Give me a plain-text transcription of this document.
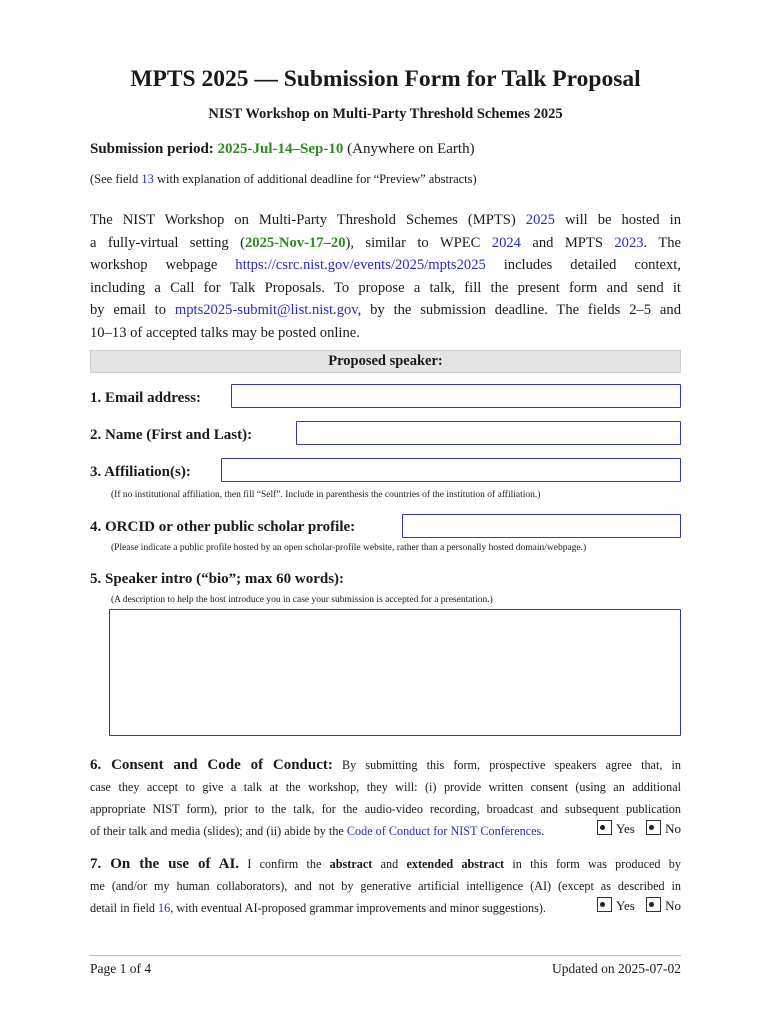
MPTS 2025 — Submission Form for Talk Proposal
NIST Workshop on Multi-Party Threshold Schemes 2025
Submission period: 2025-Jul-14–Sep-10 (Anywhere on Earth)
(See field 13 with explanation of additional deadline for “Preview” abstracts)
The NIST Workshop on Multi-Party Threshold Schemes (MPTS) 2025 will be hosted in
a fully-virtual setting (2025-Nov-17–20), similar to WPEC 2024 and MPTS 2023. The
workshop webpage https://csrc.nist.gov/events/2025/mpts2025 includes detailed context,
including a Call for Talk Proposals. To propose a talk, fill the present form and send it
by email to mpts2025-submit@list.nist.gov, by the submission deadline. The fields 2–5 and
10–13 of accepted talks may be posted online.
Proposed speaker:
1. Email address:
2. Name (First and Last):
3. Affiliation(s):
(If no institutional affiliation, then fill “Self”. Include in parenthesis the countries of the institution of affiliation.)
4. ORCID or other public scholar profile:
(Please indicate a public profile hosted by an open scholar-profile website, rather than a personally hosted domain/webpage.)
5. Speaker intro (“bio”; max 60 words):
(A description to help the host introduce you in case your submission is accepted for a presentation.)
6. Consent and Code of Conduct: By submitting this form, prospective speakers agree that, in
case they accept to give a talk at the workshop, they will: (i) provide written consent (using an additional
appropriate NIST form), prior to the talk, for the audio-video recording, broadcast and subsequent publication
of their talk and media (slides); and (ii) abide by the Code of Conduct for NIST Conferences.	Yes No
7. On the use of AI. I confirm the abstract and extended abstract in this form was produced by
me (and/or my human collaborators), and not by generative artificial intelligence (AI) (except as described in
detail in field 16, with eventual AI-proposed grammar improvements and minor suggestions).	Yes No
Page 1 of 4	Updated on 2025-07-02
